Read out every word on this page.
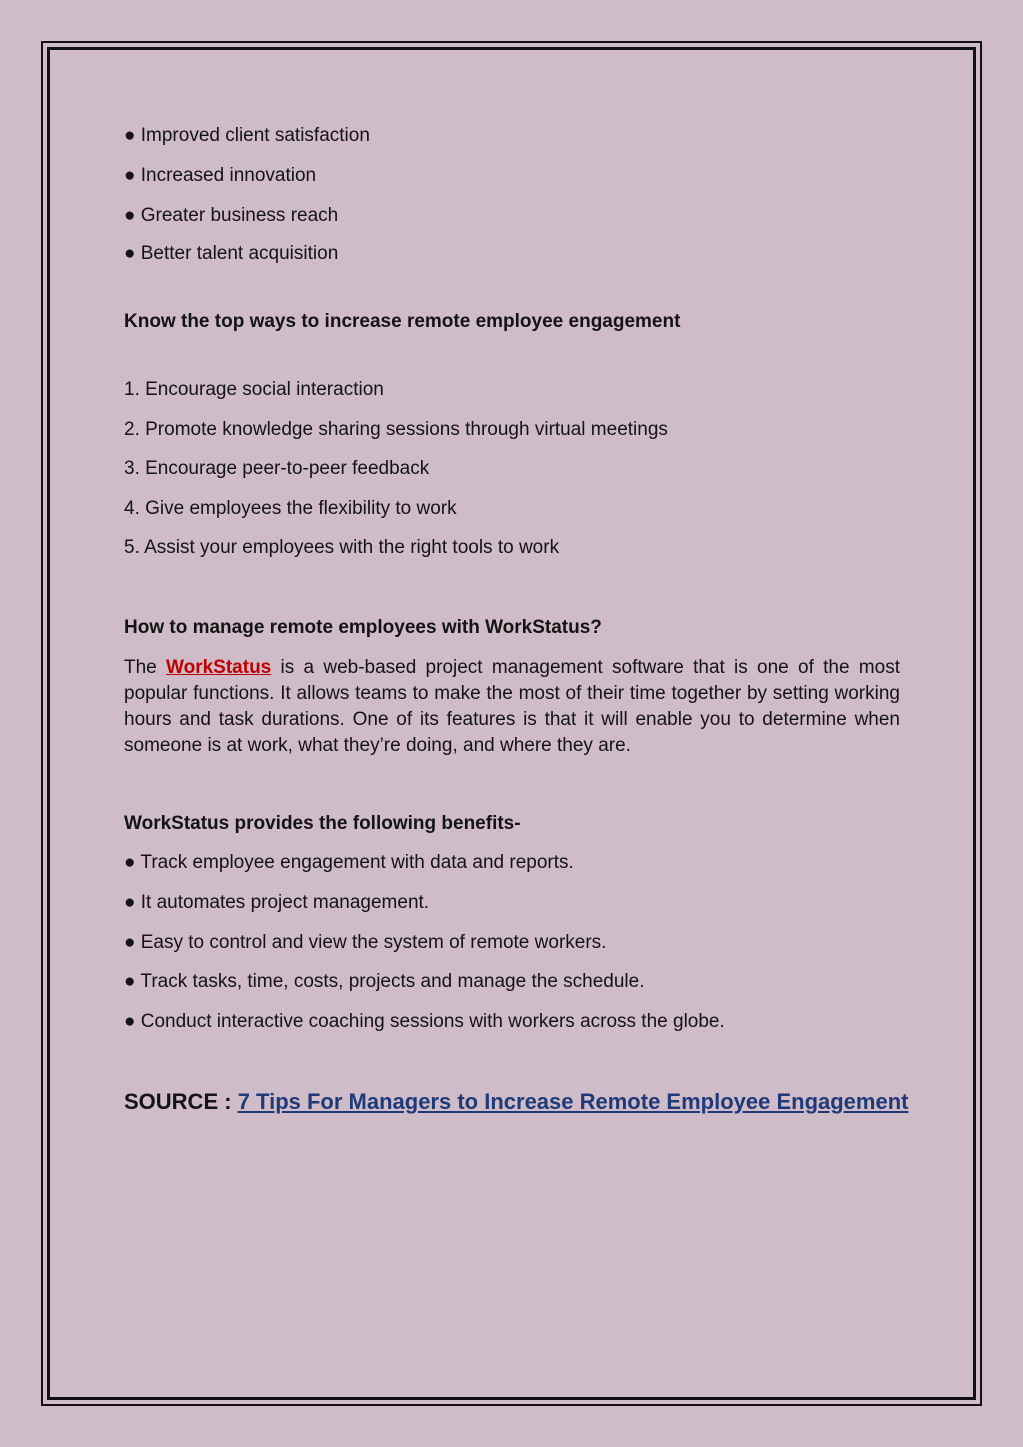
● Improved client satisfaction

● Increased innovation

● Greater business reach

● Better talent acquisition

Know the top ways to increase remote employee engagement

1. Encourage social interaction

2. Promote knowledge sharing sessions through virtual meetings

3. Encourage peer-to-peer feedback

4. Give employees the flexibility to work

5. Assist your employees with the right tools to work

How to manage remote employees with WorkStatus?

The WorkStatus is a web-based project management software that is one of the most popular functions. It allows teams to make the most of their time together by setting working hours and task durations. One of its features is that it will enable you to determine when someone is at work, what they’re doing, and where they are.

WorkStatus provides the following benefits-

● Track employee engagement with data and reports.

● It automates project management.

● Easy to control and view the system of remote workers.

● Track tasks, time, costs, projects and manage the schedule.

● Conduct interactive coaching sessions with workers across the globe.

SOURCE : 7 Tips For Managers to Increase Remote Employee Engagement
